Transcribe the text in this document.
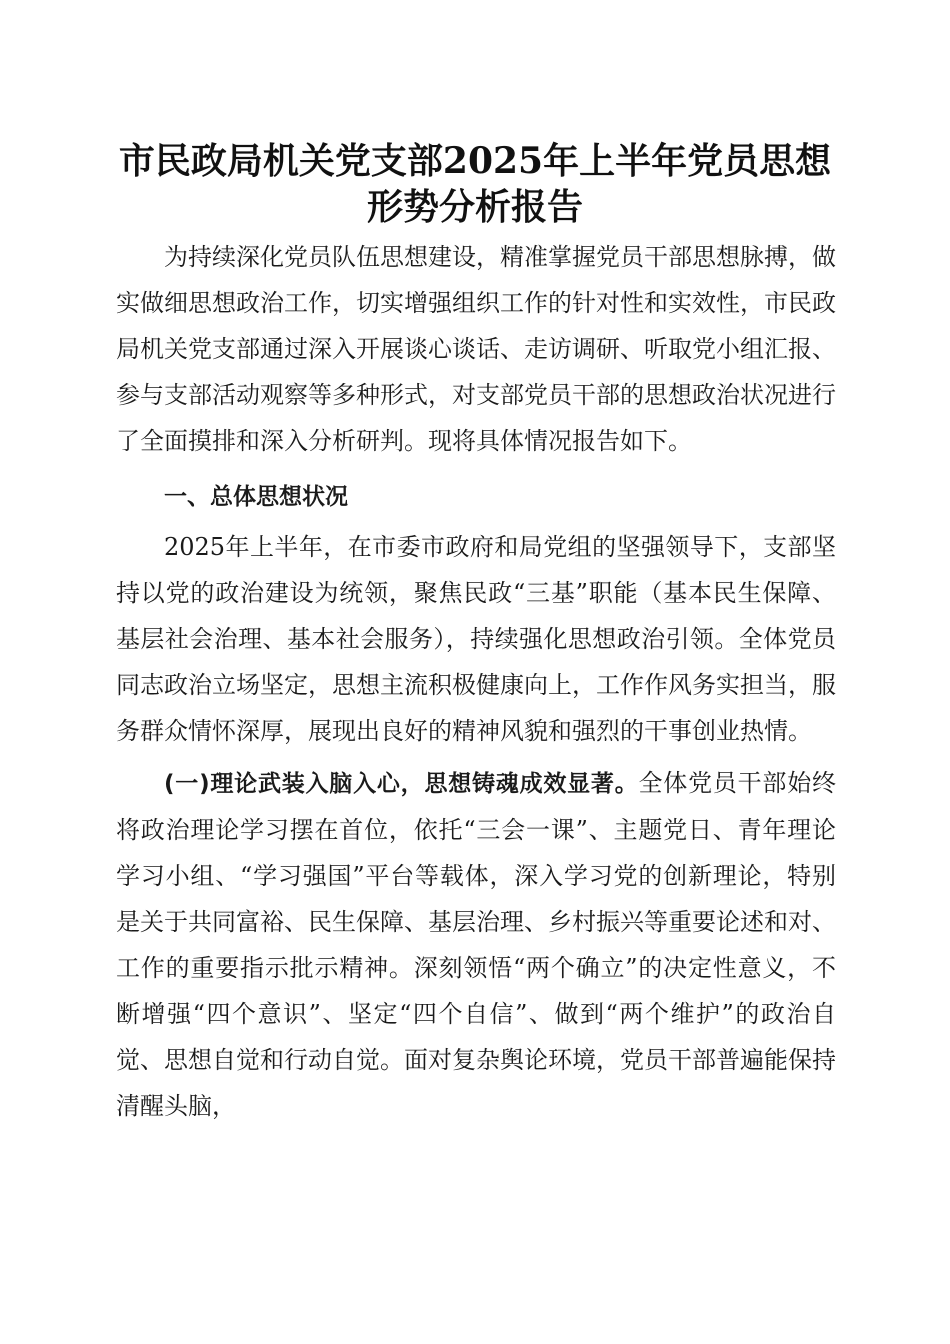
市民政局机关党支部2025年上半年党员思想
形势分析报告

为持续深化党员队伍思想建设，精准掌握党员干部思想脉搏，做实做细思想政治工作，切实增强组织工作的针对性和实效性，市民政局机关党支部通过深入开展谈心谈话、走访调研、听取党小组汇报、参与支部活动观察等多种形式，对支部党员干部的思想政治状况进行了全面摸排和深入分析研判。现将具体情况报告如下。

一、总体思想状况

2025年上半年，在市委市政府和局党组的坚强领导下，支部坚持以党的政治建设为统领，聚焦民政“三基”职能（基本民生保障、基层社会治理、基本社会服务），持续强化思想政治引领。全体党员同志政治立场坚定，思想主流积极健康向上，工作作风务实担当，服务群众情怀深厚，展现出良好的精神风貌和强烈的干事创业热情。

(一)理论武装入脑入心，思想铸魂成效显著。全体党员干部始终将政治理论学习摆在首位，依托“三会一课”、主题党日、青年理论学习小组、“学习强国”平台等载体，深入学习党的创新理论，特别是关于共同富裕、民生保障、基层治理、乡村振兴等重要论述和对、工作的重要指示批示精神。深刻领悟“两个确立”的决定性意义，不断增强“四个意识”、坚定“四个自信”、做到“两个维护”的政治自觉、思想自觉和行动自觉。面对复杂舆论环境，党员干部普遍能保持清醒头脑，
